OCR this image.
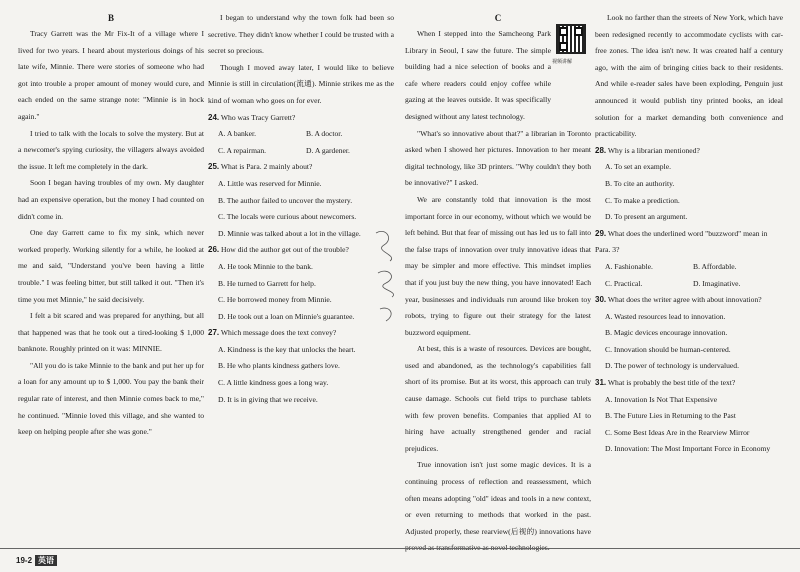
B

Tracy Garrett was the Mr Fix-It of a village where I lived for two years. I heard about mysterious doings of his late wife, Minnie. There were stories of someone who had got into trouble a proper amount of money would cure, and each ended on the same strange note: "Minnie is in hock again."

I tried to talk with the locals to solve the mystery. But at a newcomer's spying curiosity, the villagers always avoided the issue. It left me completely in the dark.

Soon I began having troubles of my own. My daughter had an expensive operation, but the money I had counted on didn't come in.

One day Garrett came to fix my sink, which never worked properly. Working silently for a while, he looked at me and said, "Understand you've been having a little trouble." I was feeling bitter, but still talked it out. "Then it's time you met Minnie," he said decisively.

I felt a bit scared and was prepared for anything, but all that happened was that he took out a tired-looking $ 1,000 banknote. Roughly printed on it was: MINNIE.

"All you do is take Minnie to the bank and put her up for a loan for any amount up to $ 1,000. You pay the bank their regular rate of interest, and then Minnie comes back to me," he continued. "Minnie loved this village, and she wanted to keep on helping people after she was gone."

I began to understand why the town folk had been so secretive. They didn't know whether I could be trusted with a secret so precious.

Though I moved away later, I would like to believe Minnie is still in circulation(流通). Minnie strikes me as the kind of woman who goes on for ever.

24. Who was Tracy Garrett?
A. A banker.	B. A doctor.
C. A repairman.	D. A gardener.
25. What is Para. 2 mainly about?

A. Little was reserved for Minnie.

B. The author failed to uncover the mystery.

C. The locals were curious about newcomers.

D. Minnie was talked about a lot in the village.

26. How did the author get out of the trouble?

A. He took Minnie to the bank.

B. He turned to Garrett for help.

C. He borrowed money from Minnie.

D. He took out a loan on Minnie's guarantee.

27. Which message does the text convey?

A. Kindness is the key that unlocks the heart.

B. He who plants kindness gathers love.

C. A little kindness goes a long way.

D. It is in giving that we receive.

视频讲解
C

When I stepped into the Samcheong Park Library in Seoul, I saw the future. The simple building had a nice selection of books and a cafe where readers could enjoy coffee while gazing at the leaves outside. It was specifically designed without any latest technology.

"What's so innovative about that?" a librarian in Toronto asked when I showed her pictures. Innovation to her meant digital technology, like 3D printers. "Why couldn't they both be innovative?" I asked.

We are constantly told that innovation is the most important force in our economy, without which we would be left behind. But that fear of missing out has led us to fall into the false traps of innovation over truly innovative ideas that may be simpler and more effective. This mindset implies that if you just buy the new thing, you have innovated! Each year, businesses and individuals run around like broken toy robots, trying to figure out their strategy for the latest buzzword equipment.

At best, this is a waste of resources. Devices are bought, used and abandoned, as the technology's capabilities fall short of its promise. But at its worst, this approach can truly cause damage. Schools cut field trips to purchase tablets with few proven benefits. Companies that applied AI to hiring have actually strengthened gender and racial prejudices.

True innovation isn't just some magic devices. It is a continuing process of reflection and reassessment, which often means adopting "old" ideas and tools in a new context, or even returning to methods that worked in the past. Adjusted properly, these rearview(后视的) innovations have proved as transformative as novel technologies.

Look no farther than the streets of New York, which have been redesigned recently to accommodate cyclists with car-free zones. The idea isn't new. It was created half a century ago, with the aim of bringing cities back to their residents. And while e-reader sales have been exploding, Penguin just announced it would publish tiny printed books, an ideal solution for a market demanding both convenience and practicability.

28. Why is a librarian mentioned?

A. To set an example.

B. To cite an authority.

C. To make a prediction.

D. To present an argument.

29. What does the underlined word "buzzword" mean in Para. 3?
A. Fashionable.	B. Affordable.
C. Practical.	D. Imaginative.
30. What does the writer agree with about innovation?

A. Wasted resources lead to innovation.

B. Magic devices encourage innovation.

C. Innovation should be human-centered.

D. The power of technology is undervalued.

31. What is probably the best title of the text?

A. Innovation Is Not That Expensive

B. The Future Lies in Returning to the Past

C. Some Best Ideas Are in the Rearview Mirror

D. Innovation: The Most Important Force in Economy

19-2 英语
